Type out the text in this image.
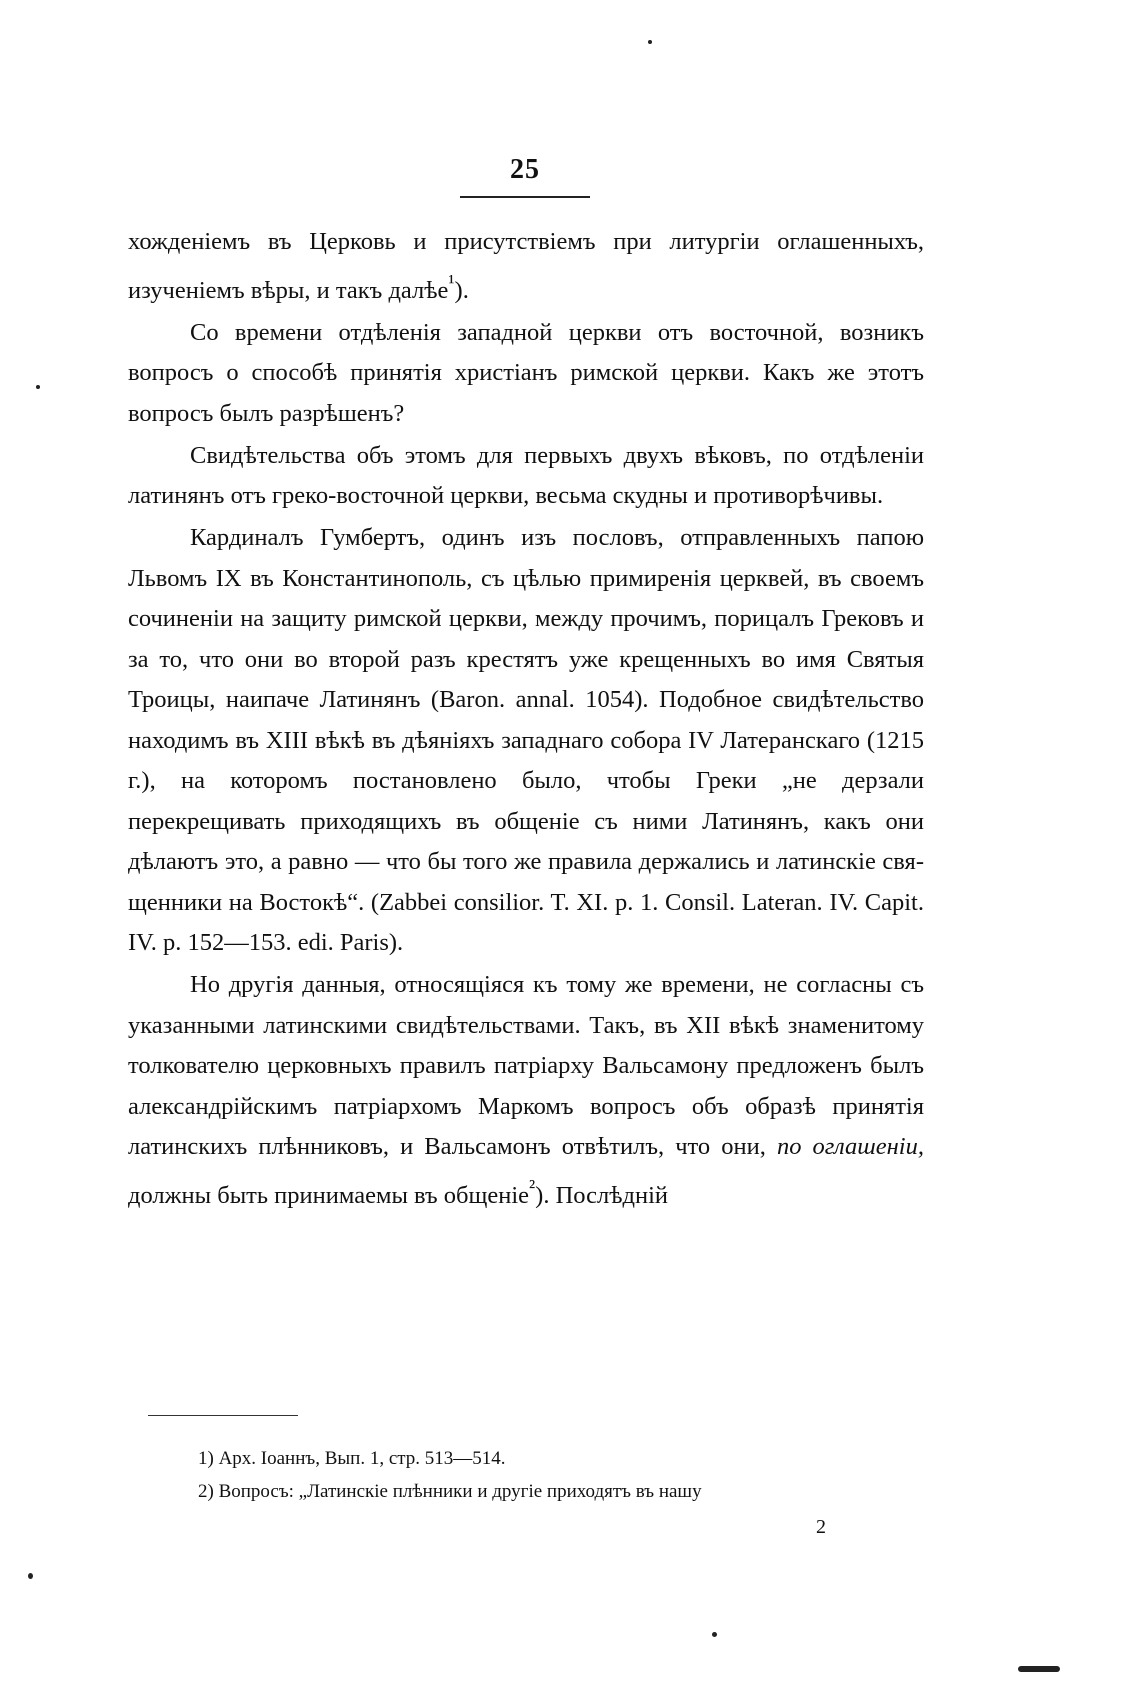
25

хожденіемъ въ Церковь и присутствіемъ при литургіи оглашенныхъ, изученіемъ вѣры, и такъ далѣе$^{^1}$).

Со времени отдѣленія западной церкви отъ восточной, возникъ вопросъ о способѣ принятія христіанъ римской церкви. Какъ же этотъ вопросъ былъ разрѣшенъ?

Свидѣтельства объ этомъ для первыхъ двухъ вѣковъ, по отдѣленіи латинянъ отъ греко-восточной церкви, весьма скудны и противорѣчивы.

Кардиналъ Гумбертъ, одинъ изъ пословъ, отправленныхъ папою Львомъ IX въ Константинополь, съ цѣлью примиренія церквей, въ своемъ сочиненіи на защиту римской церкви, между прочимъ, порицалъ Грековъ и за то, что они во второй разъ крестятъ уже крещенныхъ во имя Святыя Троицы, наипаче Латинянъ (Baron. annal. 1054). Подобное свидѣтельство находимъ въ XIII вѣкѣ въ дѣяніяхъ западнаго собора IV Латеранскаго (1215 г.), на которомъ постановлено было, чтобы Греки „не дерзали перекрещивать приходящихъ въ общеніе съ ними Латинянъ, какъ они дѣлаютъ это, а равно — что бы того же правила держались и латинскіе священники на Востокѣ“. (Zabbei consilior. T. XI. p. 1. Consil. Lateran. IV. Capit. IV. p. 152—153. edi. Paris).

Но другія данныя, относящіяся къ тому же времени, не согласны съ указанными латинскими свидѣтельствами. Такъ, въ XII вѣкѣ знаменитому толкователю церковныхъ правилъ патріарху Вальсамону предложенъ былъ александрійскимъ патріархомъ Маркомъ вопросъ объ образѣ принятія латинскихъ плѣнниковъ, и Вальсамонъ отвѣтилъ, что они, по оглашеніи, должны быть принимаемы въ общеніе$^{^2}$). Послѣдній

1) Арх. Іоаннъ, Вып. 1, стр. 513—514.

2) Вопросъ: „Латинскіе плѣнники и другіе приходятъ въ нашу

2
